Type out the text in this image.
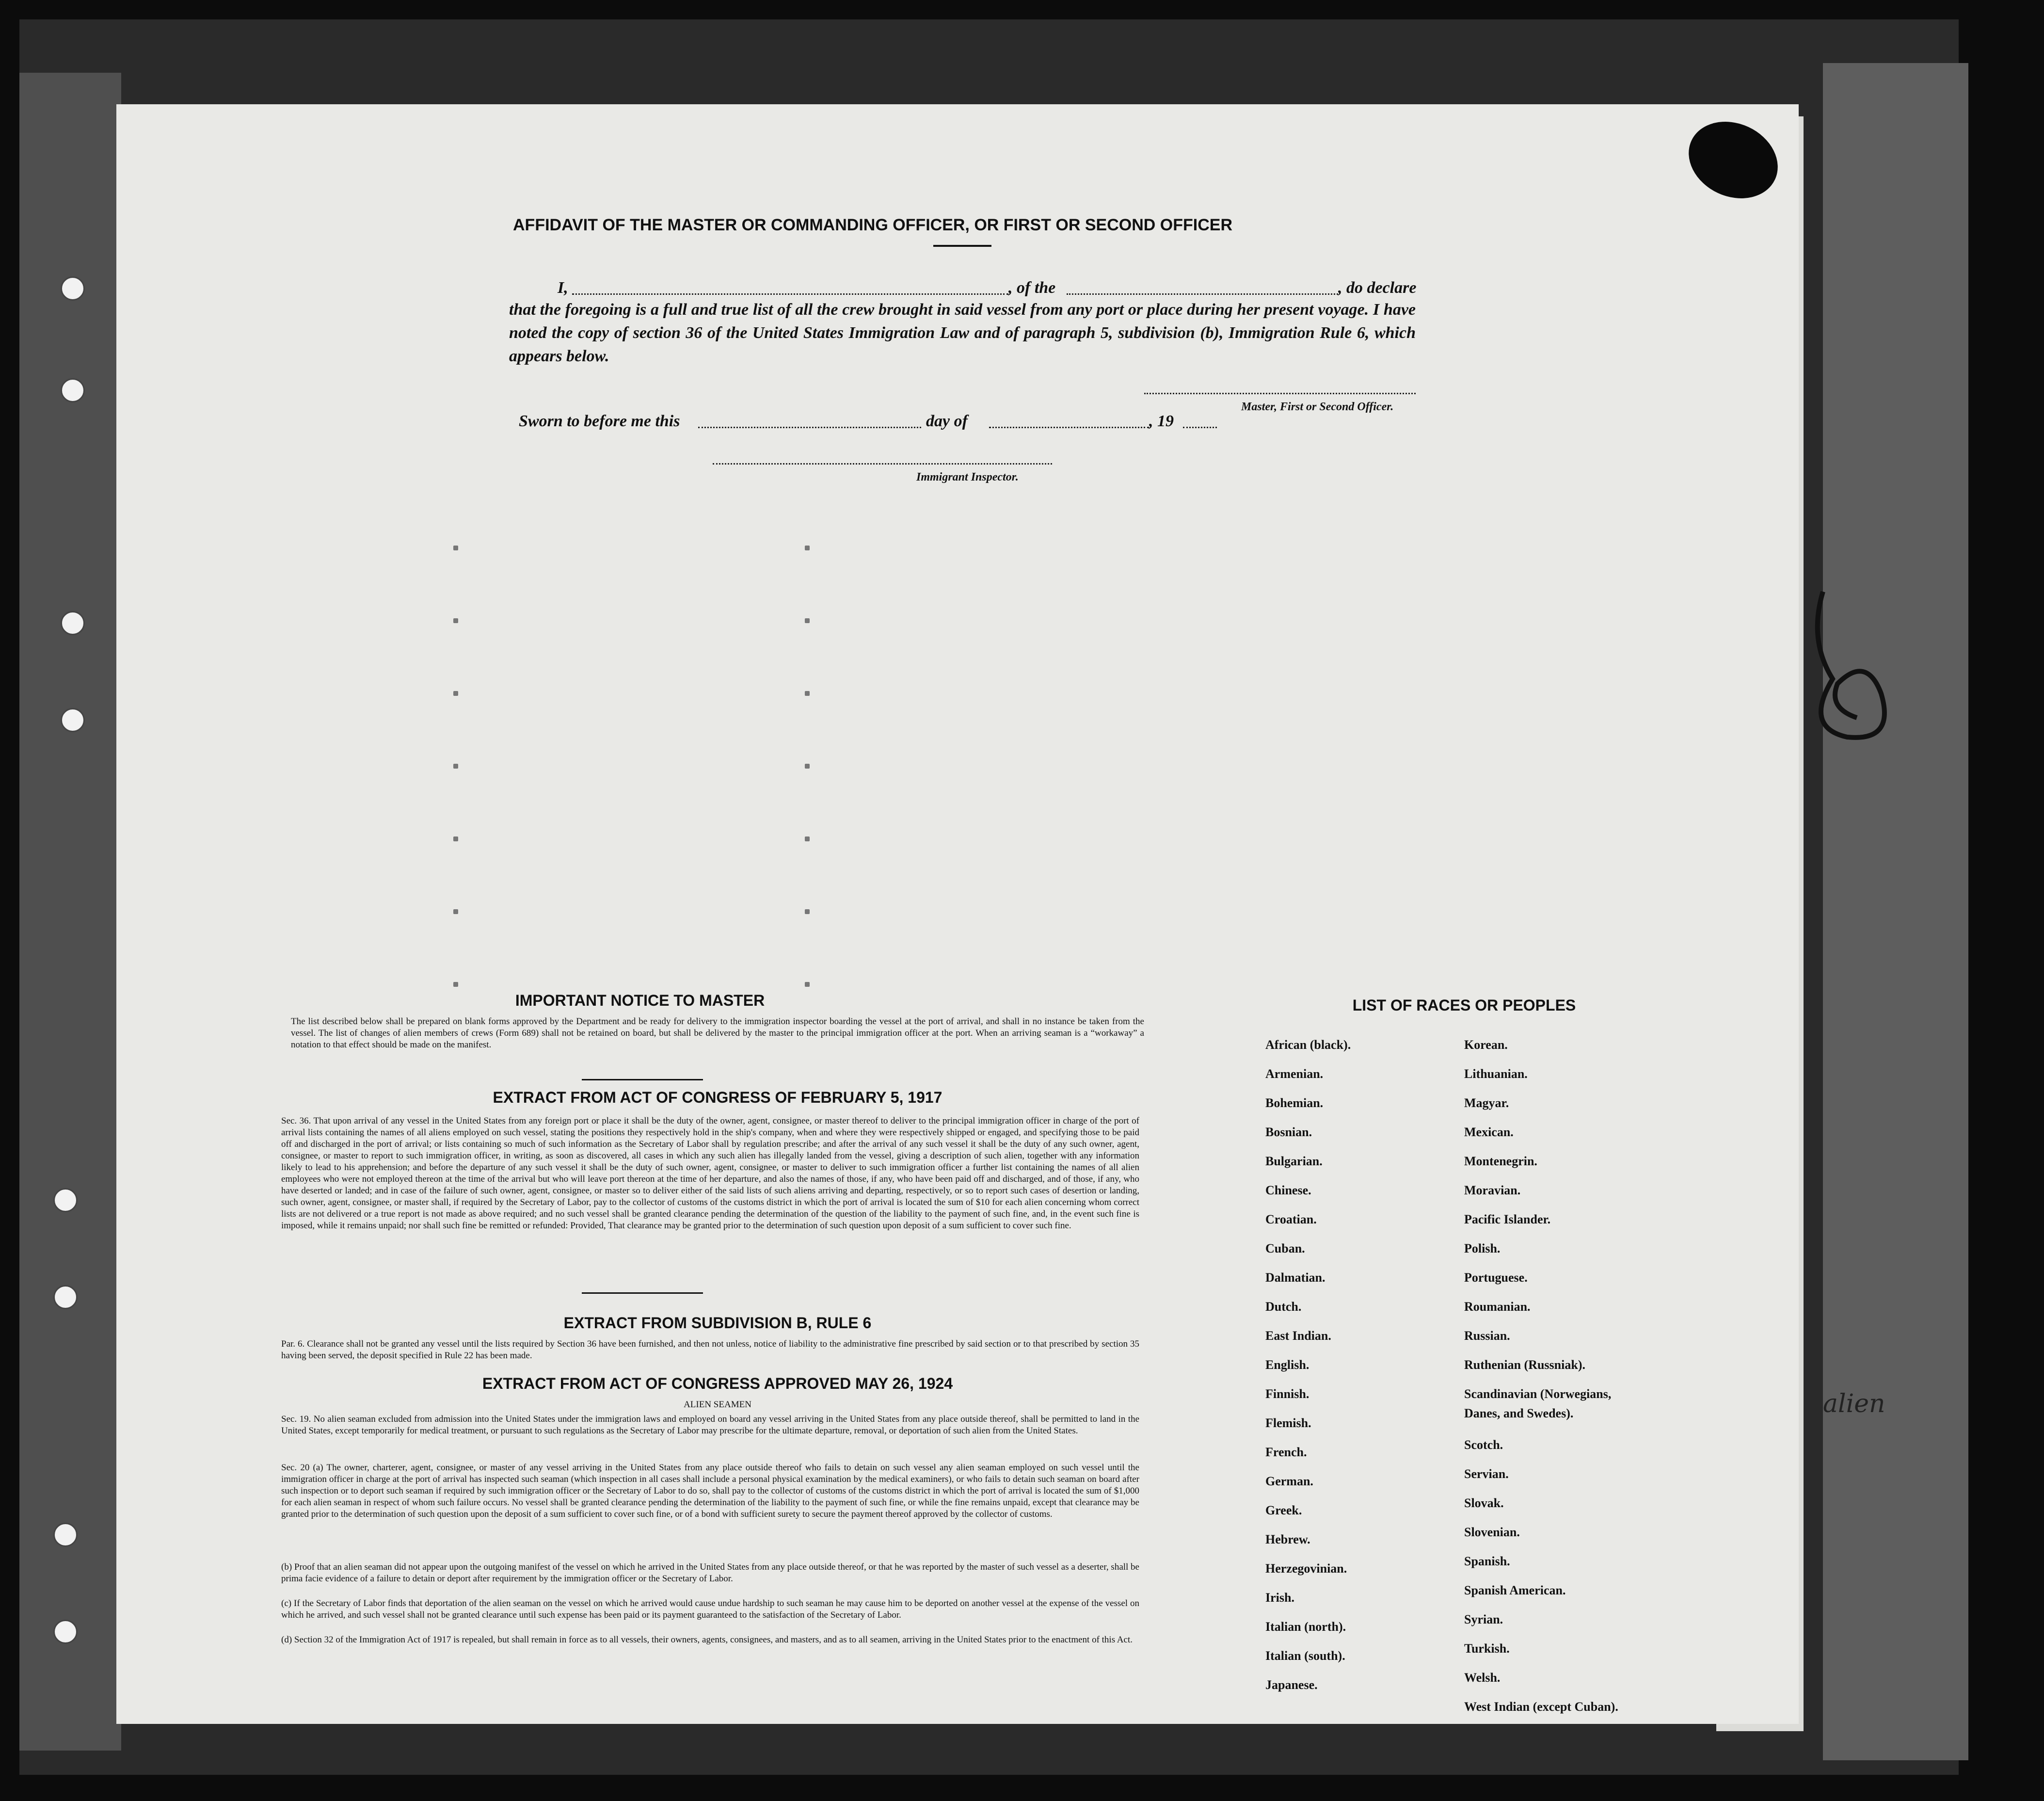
AFFIDAVIT OF THE MASTER OR COMMANDING OFFICER, OR FIRST OR SECOND OFFICER
I,	, of the	, do declare
that the foregoing is a full and true list of all the crew brought in said vessel from any port or place during her present voyage. I have noted the copy of section 36 of the United States Immigration Law and of paragraph 5, subdivision (b), Immigration Rule 6, which appears below.
Master, First or Second Officer.
Sworn to before me this	day of	, 19
Immigrant Inspector.
IMPORTANT NOTICE TO MASTER
The list described below shall be prepared on blank forms approved by the Department and be ready for delivery to the immigration inspector boarding the vessel at the port of arrival, and shall in no instance be taken from the vessel. The list of changes of alien members of crews (Form 689) shall not be retained on board, but shall be delivered by the master to the principal immigration officer at the port. When an arriving seaman is a “workaway” a notation to that effect should be made on the manifest.
EXTRACT FROM ACT OF CONGRESS OF FEBRUARY 5, 1917
Sec. 36. That upon arrival of any vessel in the United States from any foreign port or place it shall be the duty of the owner, agent, consignee, or master thereof to deliver to the principal immigration officer in charge of the port of arrival lists containing the names of all aliens employed on such vessel, stating the positions they respectively hold in the ship's company, when and where they were respectively shipped or engaged, and specifying those to be paid off and discharged in the port of arrival; or lists containing so much of such information as the Secretary of Labor shall by regulation prescribe; and after the arrival of any such vessel it shall be the duty of any such owner, agent, consignee, or master to report to such immigration officer, in writing, as soon as discovered, all cases in which any such alien has illegally landed from the vessel, giving a description of such alien, together with any information likely to lead to his apprehension; and before the departure of any such vessel it shall be the duty of such owner, agent, consignee, or master to deliver to such immigration officer a further list containing the names of all alien employees who were not employed thereon at the time of the arrival but who will leave port thereon at the time of her departure, and also the names of those, if any, who have been paid off and discharged, and of those, if any, who have deserted or landed; and in case of the failure of such owner, agent, consignee, or master so to deliver either of the said lists of such aliens arriving and departing, respectively, or so to report such cases of desertion or landing, such owner, agent, consignee, or master shall, if required by the Secretary of Labor, pay to the collector of customs of the customs district in which the port of arrival is located the sum of $10 for each alien concerning whom correct lists are not delivered or a true report is not made as above required; and no such vessel shall be granted clearance pending the determination of the question of the liability to the payment of such fine, and, in the event such fine is imposed, while it remains unpaid; nor shall such fine be remitted or refunded: Provided, That clearance may be granted prior to the determination of such question upon deposit of a sum sufficient to cover such fine.
EXTRACT FROM SUBDIVISION B, RULE 6
Par. 6. Clearance shall not be granted any vessel until the lists required by Section 36 have been furnished, and then not unless, notice of liability to the administrative fine prescribed by said section or to that prescribed by section 35 having been served, the deposit specified in Rule 22 has been made.
EXTRACT FROM ACT OF CONGRESS APPROVED MAY 26, 1924
ALIEN SEAMEN
Sec. 19. No alien seaman excluded from admission into the United States under the immigration laws and employed on board any vessel arriving in the United States from any place outside thereof, shall be permitted to land in the United States, except temporarily for medical treatment, or pursuant to such regulations as the Secretary of Labor may prescribe for the ultimate departure, removal, or deportation of such alien from the United States.
Sec. 20 (a) The owner, charterer, agent, consignee, or master of any vessel arriving in the United States from any place outside thereof who fails to detain on such vessel any alien seaman employed on such vessel until the immigration officer in charge at the port of arrival has inspected such seaman (which inspection in all cases shall include a personal physical examination by the medical examiners), or who fails to detain such seaman on board after such inspection or to deport such seaman if required by such immigration officer or the Secretary of Labor to do so, shall pay to the collector of customs of the customs district in which the port of arrival is located the sum of $1,000 for each alien seaman in respect of whom such failure occurs. No vessel shall be granted clearance pending the determination of the liability to the payment of such fine, or while the fine remains unpaid, except that clearance may be granted prior to the determination of such question upon the deposit of a sum sufficient to cover such fine, or of a bond with sufficient surety to secure the payment thereof approved by the collector of customs.
(b) Proof that an alien seaman did not appear upon the outgoing manifest of the vessel on which he arrived in the United States from any place outside thereof, or that he was reported by the master of such vessel as a deserter, shall be prima facie evidence of a failure to detain or deport after requirement by the immigration officer or the Secretary of Labor.
(c) If the Secretary of Labor finds that deportation of the alien seaman on the vessel on which he arrived would cause undue hardship to such seaman he may cause him to be deported on another vessel at the expense of the vessel on which he arrived, and such vessel shall not be granted clearance until such expense has been paid or its payment guaranteed to the satisfaction of the Secretary of Labor.
(d) Section 32 of the Immigration Act of 1917 is repealed, but shall remain in force as to all vessels, their owners, agents, consignees, and masters, and as to all seamen, arriving in the United States prior to the enactment of this Act.
LIST OF RACES OR PEOPLES
Danes, and Swedes).	alien
African (black).
Armenian.
Bohemian.
Bosnian.
Bulgarian.
Chinese.
Croatian.
Cuban.
Dalmatian.
Dutch.
East Indian.
English.
Finnish.
Flemish.
French.
German.
Greek.
Hebrew.
Herzegovinian.
Irish.
Italian (north).
Italian (south).
Japanese.
Korean.
Lithuanian.
Magyar.
Mexican.
Montenegrin.
Moravian.
Pacific Islander.
Polish.
Portuguese.
Roumanian.
Russian.
Ruthenian (Russniak).
Scandinavian (Norwegians,
Scotch.
Servian.
Slovak.
Slovenian.
Spanish.
Spanish American.
Syrian.
Turkish.
Welsh.
West Indian (except Cuban).
